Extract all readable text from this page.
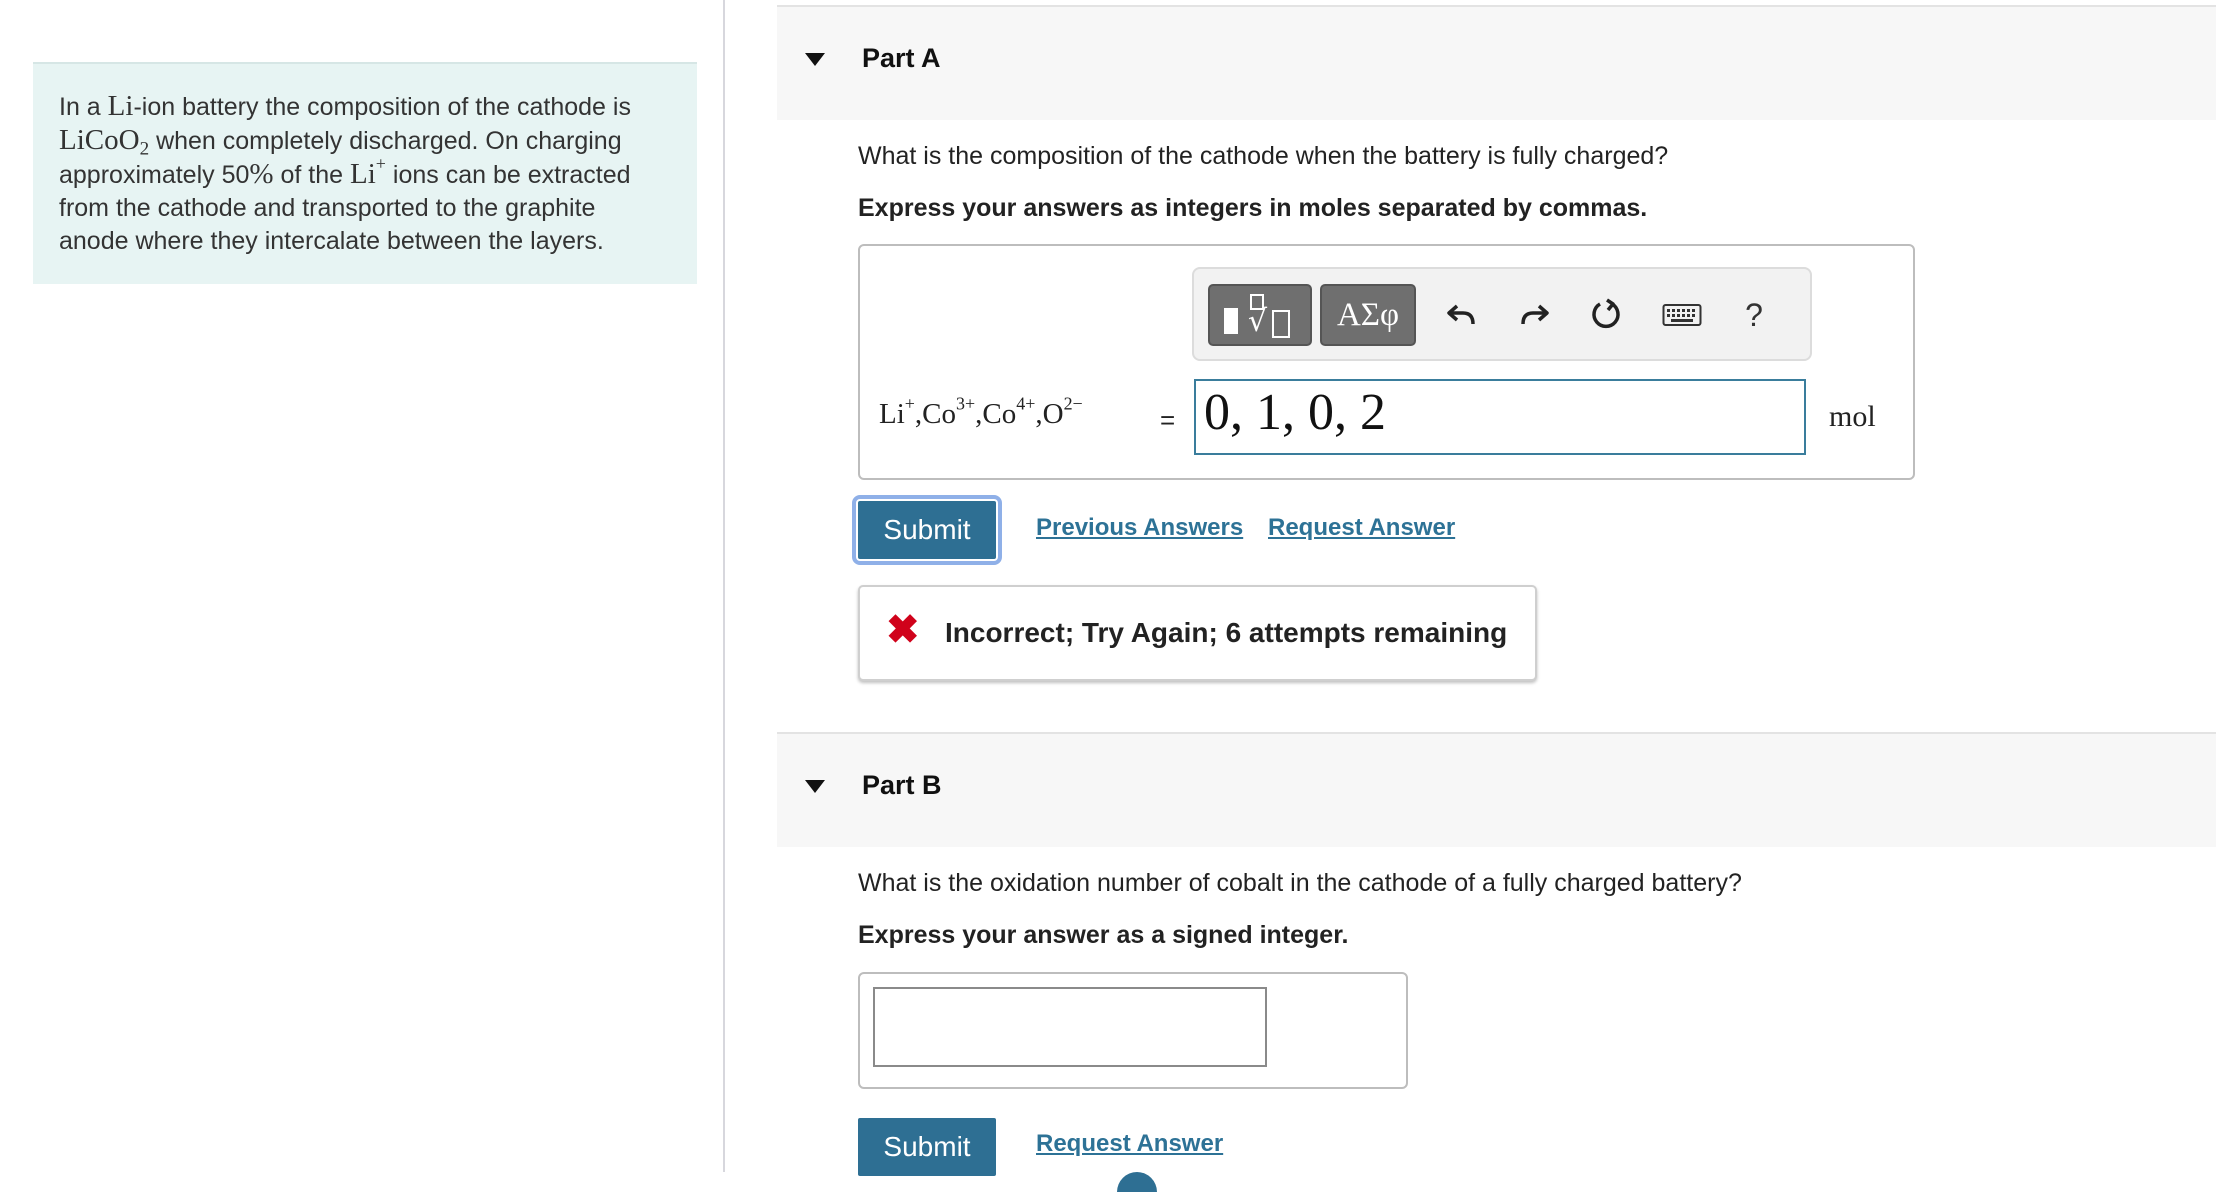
In a Li-ion battery the composition of the cathode is LiCoO$_2$ when completely discharged. On charging approximately 50% of the Li+ ions can be extracted from the cathode and transported to the graphite anode where they intercalate between the layers.
Part A
What is the composition of the cathode when the battery is fully charged?
Express your answers as integers in moles separated by commas.
√	ΑΣφ	?
$Li^+,Co^{3+},Co^{4+},O^{2-}$
= 0, 1, 0, 2	mol
Submit	Previous Answers Request Answer
✖ Incorrect; Try Again; 6 attempts remaining
Part B
What is the oxidation number of cobalt in the cathode of a fully charged battery?
Express your answer as a signed integer.
Submit	Request Answer
